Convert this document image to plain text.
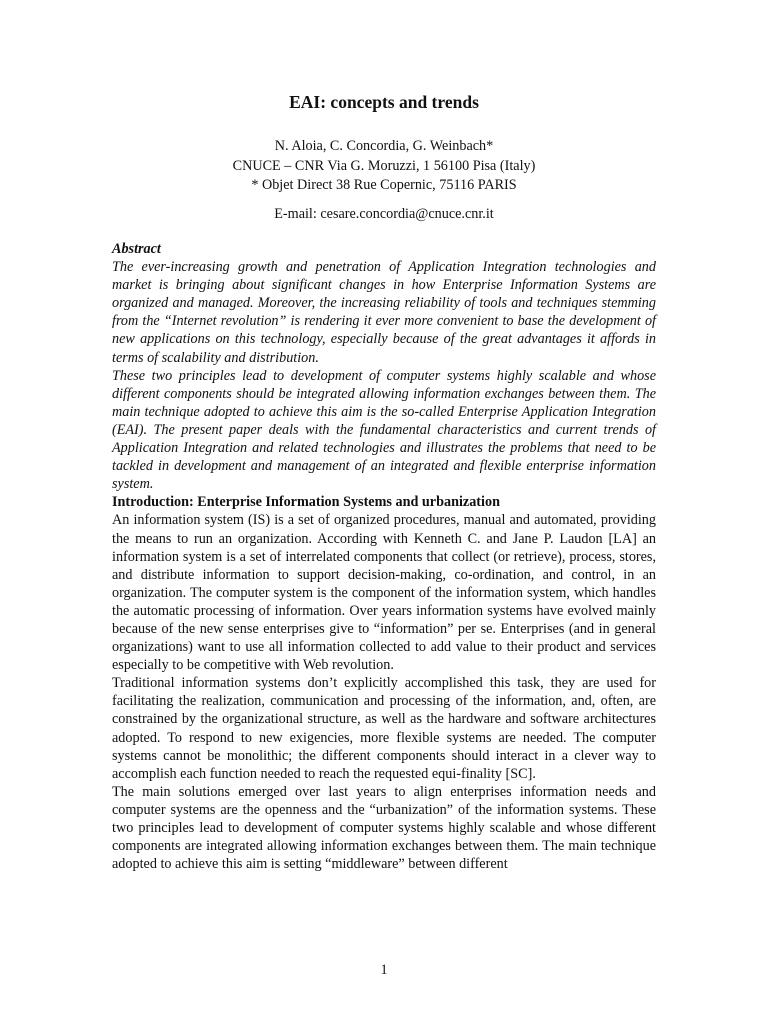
EAI: concepts and trends
N. Aloia, C. Concordia, G. Weinbach*
CNUCE – CNR Via G. Moruzzi, 1 56100 Pisa (Italy)
* Objet Direct 38 Rue Copernic, 75116 PARIS
E-mail: cesare.concordia@cnuce.cnr.it

Abstract

The ever-increasing growth and penetration of Application Integration technologies and market is bringing about significant changes in how Enterprise Information Systems are organized and managed. Moreover, the increasing reliability of tools and techniques stemming from the “Internet revolution” is rendering it ever more convenient to base the development of new applications on this technology, especially because of the great advantages it affords in terms of scalability and distribution.

These two principles lead to development of computer systems highly scalable and whose different components should be integrated allowing information exchanges between them. The main technique adopted to achieve this aim is the so-called Enterprise Application Integration (EAI). The present paper deals with the fundamental characteristics and current trends of Application Integration and related technologies and illustrates the problems that need to be tackled in development and management of an integrated and flexible enterprise information system.

Introduction: Enterprise Information Systems and urbanization

An information system (IS) is a set of organized procedures, manual and automated, providing the means to run an organization. According with Kenneth C. and Jane P. Laudon [LA] an information system is a set of interrelated components that collect (or retrieve), process, stores, and distribute information to support decision-making, co-ordination, and control, in an organization. The computer system is the component of the information system, which handles the automatic processing of information. Over years information systems have evolved mainly because of the new sense enterprises give to “information” per se. Enterprises (and in general organizations) want to use all information collected to add value to their product and services especially to be competitive with Web revolution.

Traditional information systems don’t explicitly accomplished this task, they are used for facilitating the realization, communication and processing of the information, and, often, are constrained by the organizational structure, as well as the hardware and software architectures adopted. To respond to new exigencies, more flexible systems are needed. The computer systems cannot be monolithic; the different components should interact in a clever way to accomplish each function needed to reach the requested equi-finality [SC].

The main solutions emerged over last years to align enterprises information needs and computer systems are the openness and the “urbanization” of the information systems. These two principles lead to development of computer systems highly scalable and whose different components are integrated allowing information exchanges between them. The main technique adopted to achieve this aim is setting “middleware” between different

1
